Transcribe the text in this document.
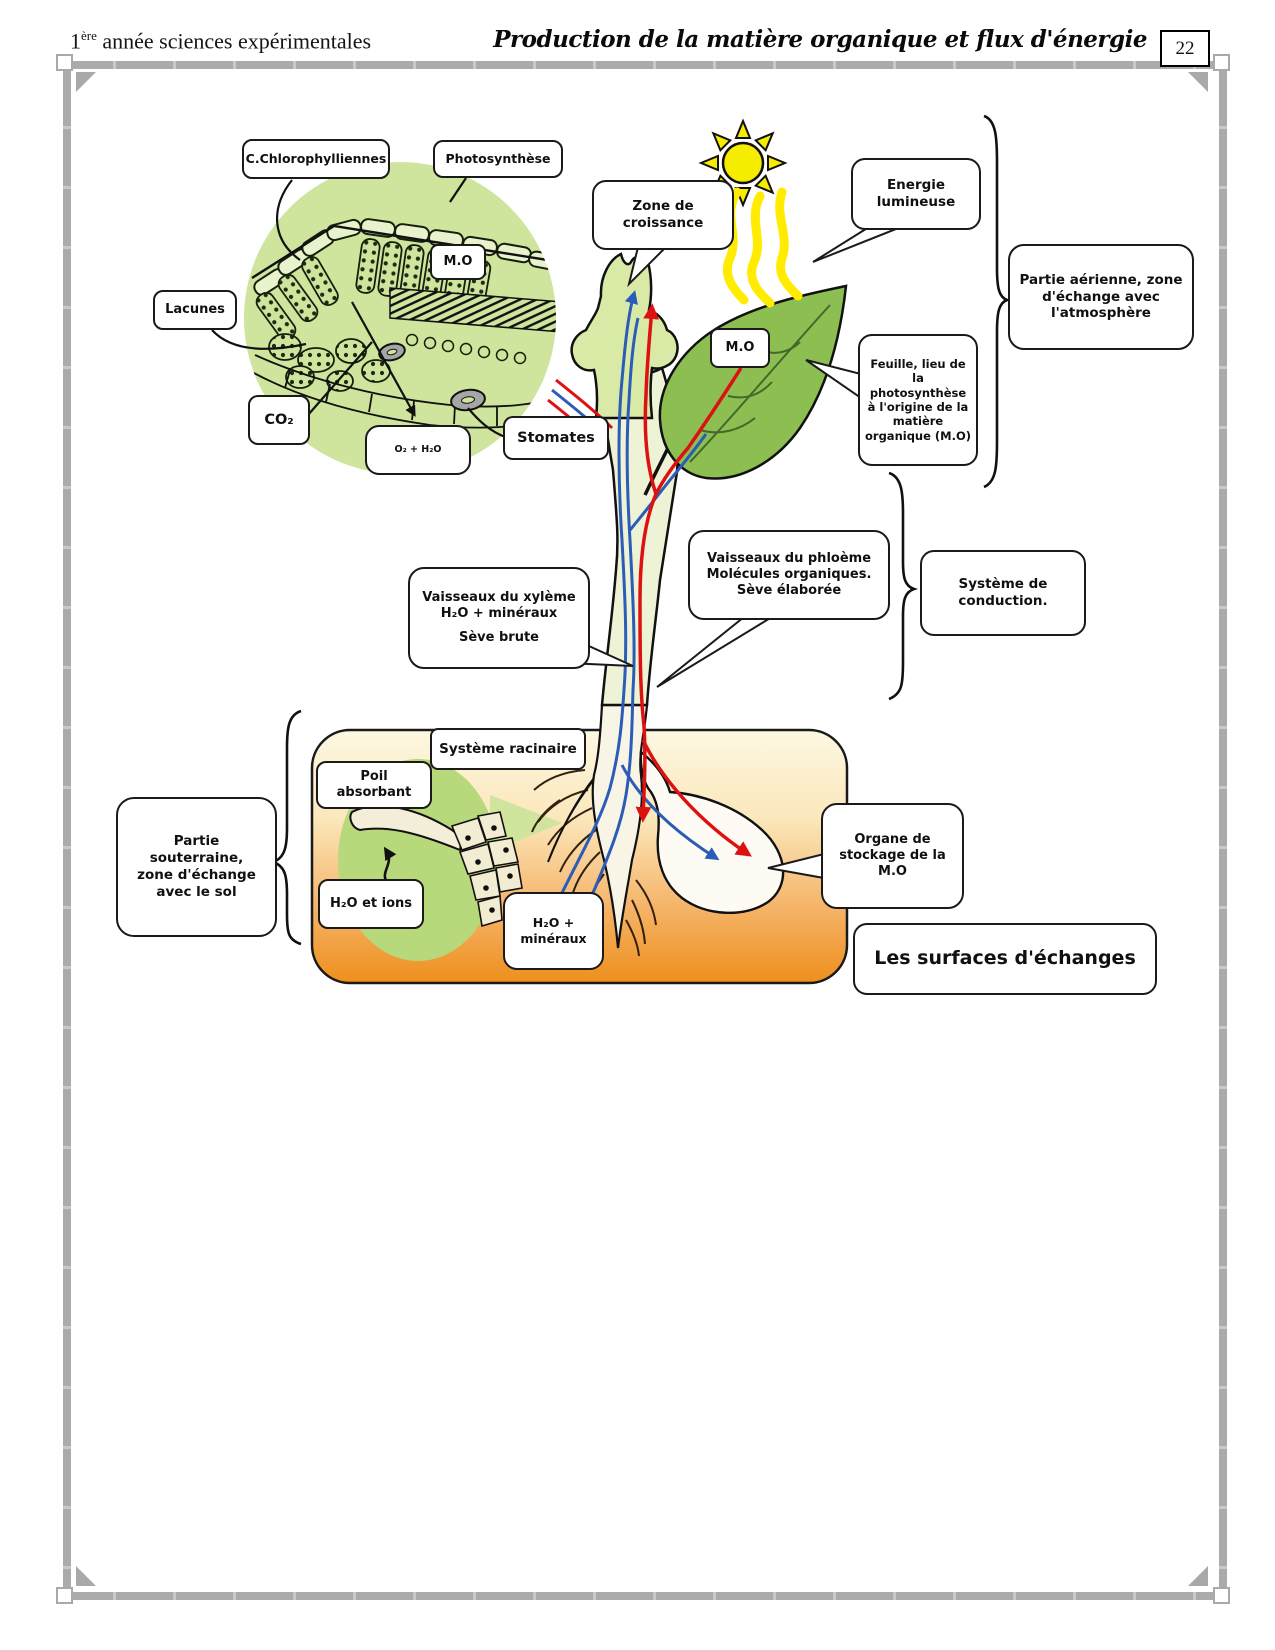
1ère année sciences expérimentales	Production de la matière organique et flux d'énergie	22
C.Chlorophylliennes	Photosynthèse
M.O
Lacunes
CO₂
O₂ + H₂O
Stomates
Zone de croissance
Energie lumineuse
Partie aérienne, zone d'échange avec l'atmosphère
Feuille, lieu de la photosynthèse à l'origine de la matière organique (M.O)
M.O
Vaisseaux du phloème
Molécules organiques.
Sève élaborée
Vaisseaux du xylème
H₂O + minéraux
Sève brute
Système de conduction.
Système racinaire
Poil absorbant
H₂O et ions
H₂O +
minéraux
Partie souterraine, zone d'échange avec le sol
Organe de stockage de la M.O
Les surfaces d'échanges
